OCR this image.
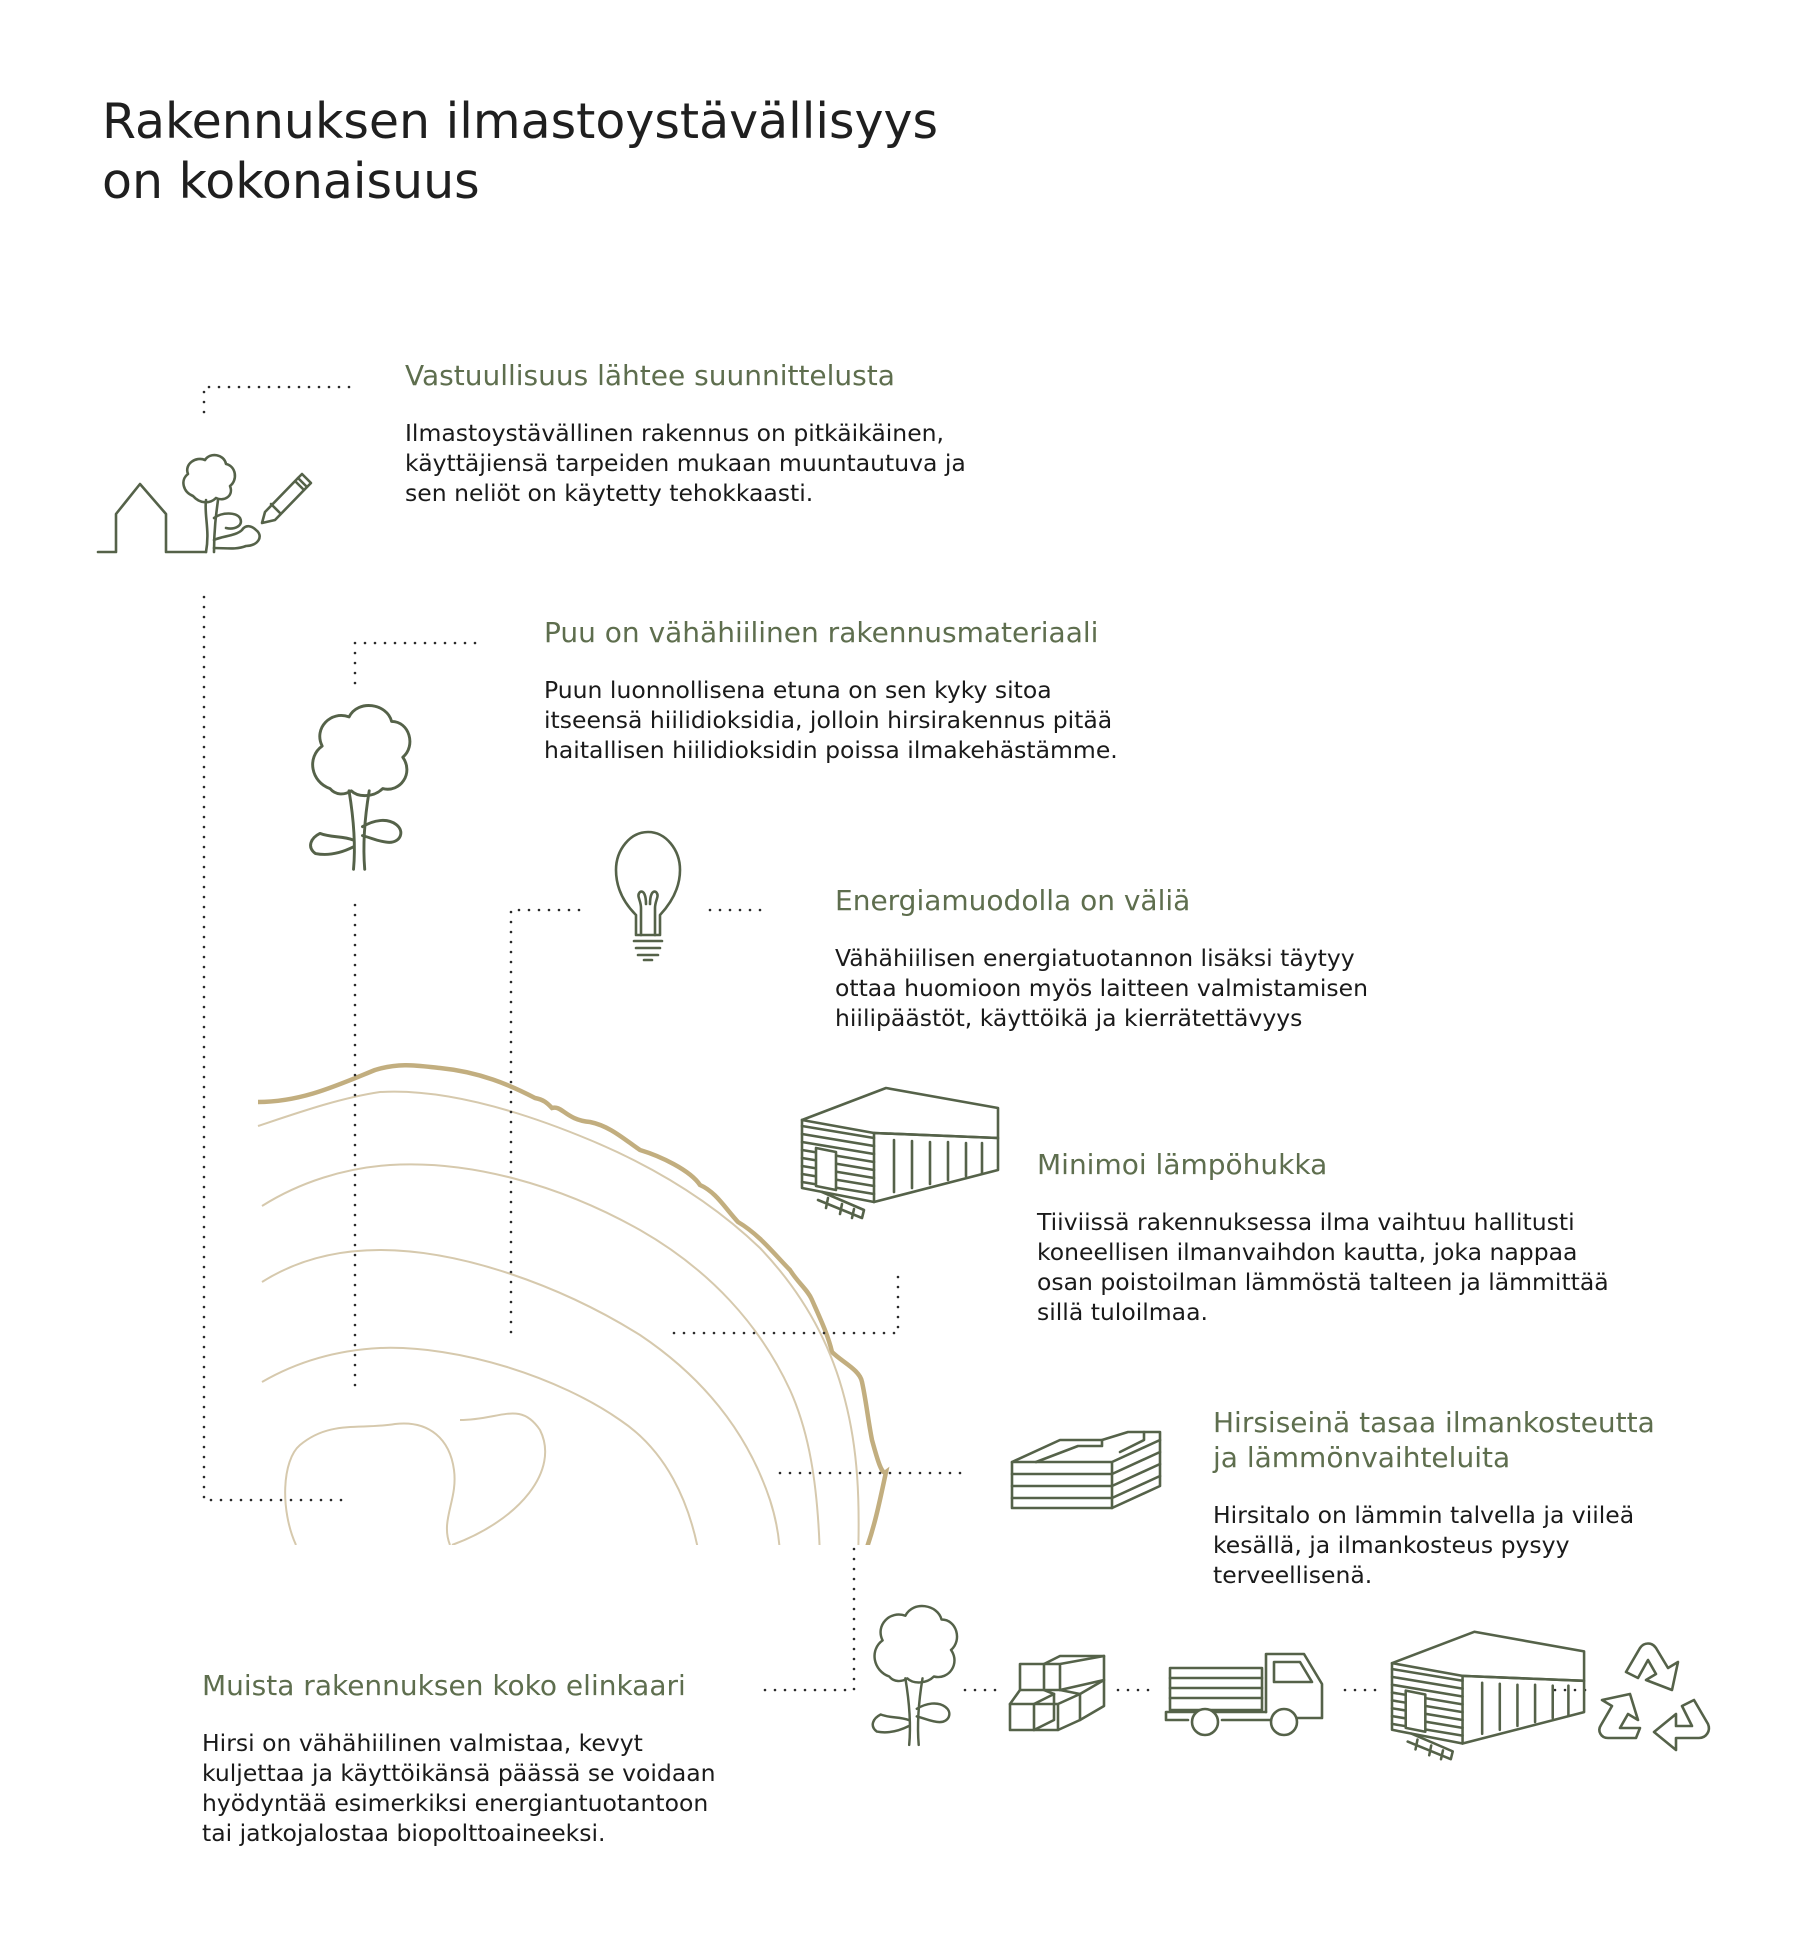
Rakennuksen ilmastoystävällisyys
on kokonaisuus
Vastuullisuus lähtee suunnittelusta

Ilmastoystävällinen rakennus on pitkäikäinen,
käyttäjiensä tarpeiden mukaan muuntautuva ja
sen neliöt on käytetty tehokkaasti.

Puu on vähähiilinen rakennusmateriaali

Puun luonnollisena etuna on sen kyky sitoa
itseensä hiilidioksidia, jolloin hirsirakennus pitää
haitallisen hiilidioksidin poissa ilmakehästämme.

Energiamuodolla on väliä

Vähähiilisen energiatuotannon lisäksi täytyy
ottaa huomioon myös laitteen valmistamisen
hiilipäästöt, käyttöikä ja kierrätettävyys

Minimoi lämpöhukka

Tiiviissä rakennuksessa ilma vaihtuu hallitusti
koneellisen ilmanvaihdon kautta, joka nappaa
osan poistoilman lämmöstä talteen ja lämmittää
sillä tuloilmaa.

Hirsiseinä tasaa ilmankosteutta
ja lämmönvaihteluita

Hirsitalo on lämmin talvella ja viileä
kesällä, ja ilmankosteus pysyy
terveellisenä.

Muista rakennuksen koko elinkaari

Hirsi on vähähiilinen valmistaa, kevyt
kuljettaa ja käyttöikänsä päässä se voidaan
hyödyntää esimerkiksi energiantuotantoon
tai jatkojalostaa biopolttoaineeksi.
